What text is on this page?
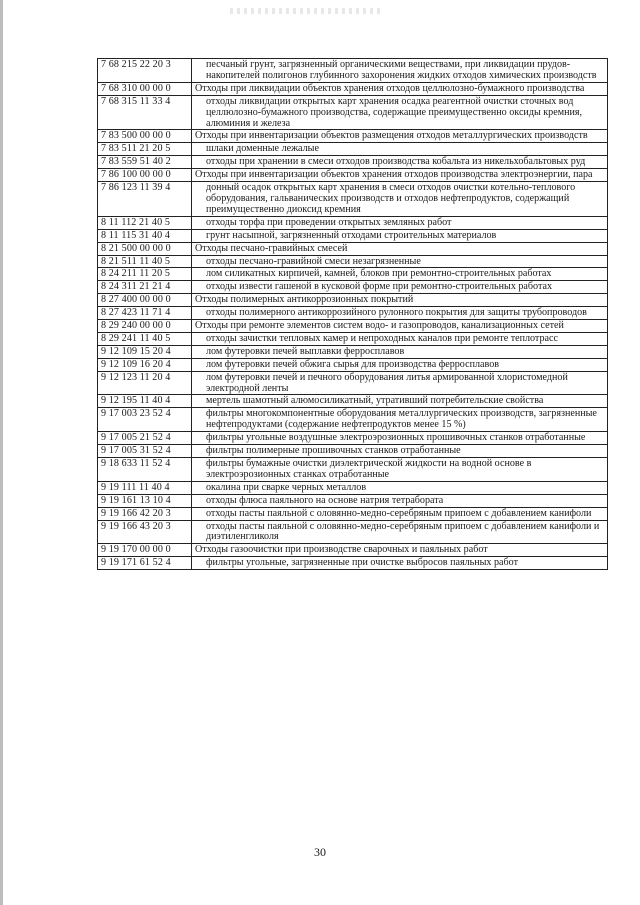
7 68 215 22 20 3	песчаный грунт, загрязненный органическими веществами, при ликвидации прудов-накопителей полигонов глубинного захоронения жидких отходов химических производств
7 68 310 00 00 0	Отходы при ликвидации объектов хранения отходов целлюлозно-бумажного производства
7 68 315 11 33 4	отходы ликвидации открытых карт хранения осадка реагентной очистки сточных вод целлюлозно-бумажного производства, содержащие преимущественно оксиды кремния, алюминия и железа
7 83 500 00 00 0	Отходы при инвентаризации объектов размещения отходов металлургических производств
7 83 511 21 20 5	шлаки доменные лежалые
7 83 559 51 40 2	отходы при хранении в смеси отходов производства кобальта из никельхобальтовых руд
7 86 100 00 00 0	Отходы при инвентаризации объектов хранения отходов производства электроэнергии, пара
7 86 123 11 39 4	донный осадок открытых карт хранения в смеси отходов очистки котельно-теплового оборудования, гальванических производств и отходов нефтепродуктов, содержащий преимущественно диоксид кремния
8 11 112 21 40 5	отходы торфа при проведении открытых земляных работ
8 11 115 31 40 4	грунт насыпной, загрязненный отходами строительных материалов
8 21 500 00 00 0	Отходы песчано-гравийных смесей
8 21 511 11 40 5	отходы песчано-гравийной смеси незагрязненные
8 24 211 11 20 5	лом силикатных кирпичей, камней, блоков при ремонтно-строительных работах
8 24 311 21 21 4	отходы извести гашеной в кусковой форме при ремонтно-строительных работах
8 27 400 00 00 0	Отходы полимерных антикоррозионных покрытий
8 27 423 11 71 4	отходы полимерного антикоррозийного рулонного покрытия для защиты трубопроводов
8 29 240 00 00 0	Отходы при ремонте элементов систем водо- и газопроводов, канализационных сетей
8 29 241 11 40 5	отходы зачистки тепловых камер и непроходных каналов при ремонте теплотрасс
9 12 109 15 20 4	лом футеровки печей выплавки ферросплавов
9 12 109 16 20 4	лом футеровки печей обжига сырья для производства ферросплавов
9 12 123 11 20 4	лом футеровки печей и печного оборудования литья армированной хлористомедной электродной ленты
9 12 195 11 40 4	мертель шамотный алюмосиликатный, утративший потребительские свойства
9 17 003 23 52 4	фильтры многокомпонентные оборудования металлургических производств, загрязненные нефтепродуктами (содержание нефтепродуктов менее 15 %)
9 17 005 21 52 4	фильтры угольные воздушные электроэрозионных прошивочных станков отработанные
9 17 005 31 52 4	фильтры полимерные прошивочных станков отработанные
9 18 633 11 52 4	фильтры бумажные очистки диэлектрической жидкости на водной основе в электроэрозионных станках отработанные
9 19 111 11 40 4	окалина при сварке черных металлов
9 19 161 13 10 4	отходы флюса паяльного на основе натрия тетрабората
9 19 166 42 20 3	отходы пасты паяльной с оловянно-медно-серебряным припоем с добавлением канифоли
9 19 166 43 20 3	отходы пасты паяльной с оловянно-медно-серебряным припоем с добавлением канифоли и диэтиленгликоля
9 19 170 00 00 0	Отходы газоочистки при производстве сварочных и паяльных работ
9 19 171 61 52 4	фильтры угольные, загрязненные при очистке выбросов паяльных работ
30
